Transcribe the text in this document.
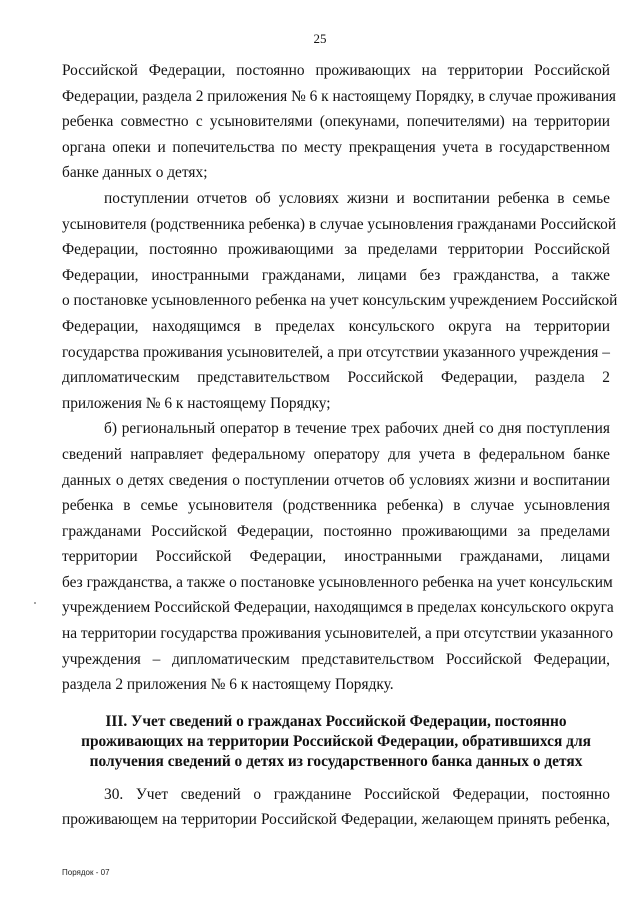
25

Российской Федерации, постоянно проживающих на территории Российской
Федерации, раздела 2 приложения № 6 к настоящему Порядку, в случае проживания
ребенка совместно с усыновителями (опекунами, попечителями) на территории
органа опеки и попечительства по месту прекращения учета в государственном
банке данных о детях;

поступлении отчетов об условиях жизни и воспитании ребенка в семье
усыновителя (родственника ребенка) в случае усыновления гражданами Российской
Федерации, постоянно проживающими за пределами территории Российской
Федерации, иностранными гражданами, лицами без гражданства, а также
о постановке усыновленного ребенка на учет консульским учреждением Российской
Федерации, находящимся в пределах консульского округа на территории
государства проживания усыновителей, а при отсутствии указанного учреждения –
дипломатическим представительством Российской Федерации, раздела 2
приложения № 6 к настоящему Порядку;

б) региональный оператор в течение трех рабочих дней со дня поступления
сведений направляет федеральному оператору для учета в федеральном банке
данных о детях сведения о поступлении отчетов об условиях жизни и воспитании
ребенка в семье усыновителя (родственника ребенка) в случае усыновления
гражданами Российской Федерации, постоянно проживающими за пределами
территории Российской Федерации, иностранными гражданами, лицами
без гражданства, а также о постановке усыновленного ребенка на учет консульским
учреждением Российской Федерации, находящимся в пределах консульского округа
на территории государства проживания усыновителей, а при отсутствии указанного
учреждения – дипломатическим представительством Российской Федерации,
раздела 2 приложения № 6 к настоящему Порядку.

III. Учет сведений о гражданах Российской Федерации, постоянно
проживающих на территории Российской Федерации, обратившихся для
получения сведений о детях из государственного банка данных о детях

30. Учет сведений о гражданине Российской Федерации, постоянно
проживающем на территории Российской Федерации, желающем принять ребенка,

Порядок - 07
